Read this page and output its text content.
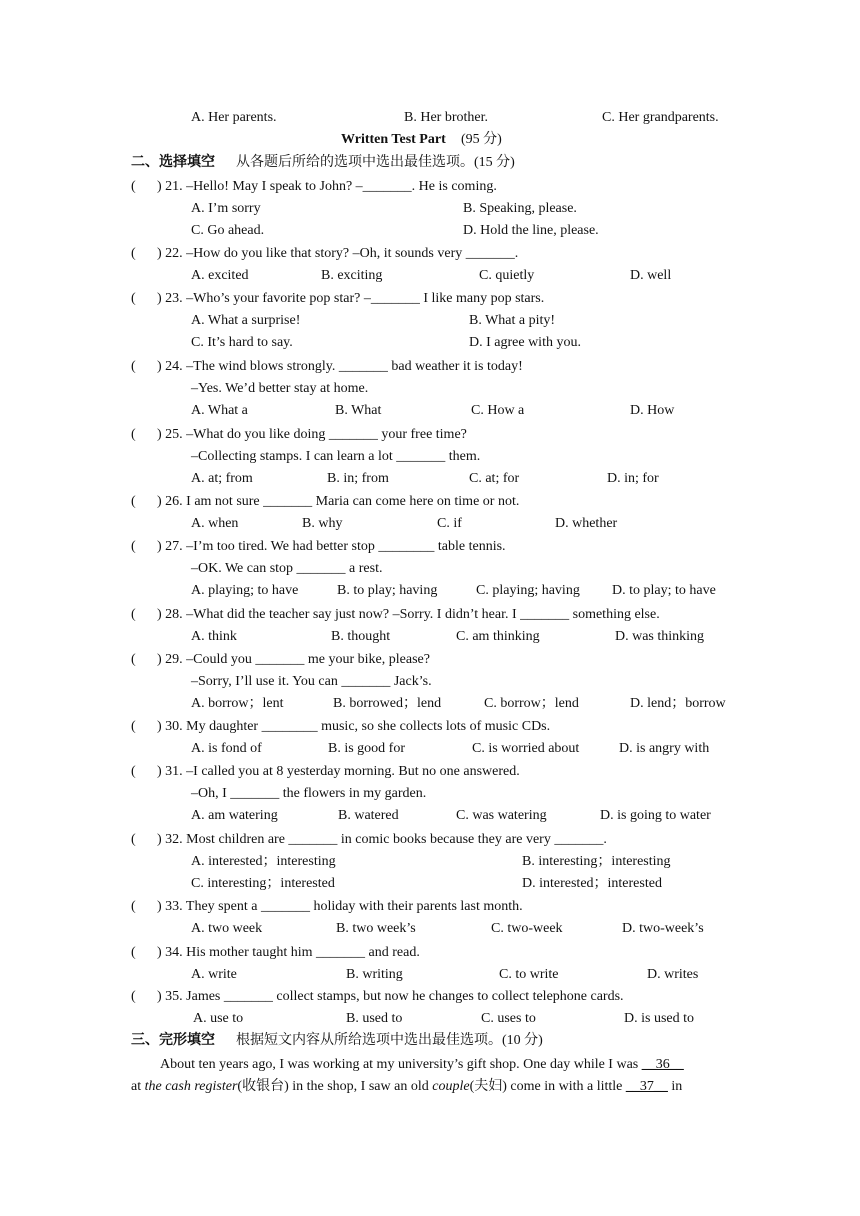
A. Her parents.	B. Her brother.	C. Her grandparents.
Written Test Part (95 分)
二、选择填空 从各题后所给的选项中选出最佳选项。(15 分)
( ) 21. –Hello! May I speak to John? –_______. He is coming.
A. I’m sorry	B. Speaking, please.
C. Go ahead.	D. Hold the line, please.
( ) 22. –How do you like that story? –Oh, it sounds very _______.
A. excited	B. exciting	C. quietly	D. well
( ) 23. –Who’s your favorite pop star? –_______ I like many pop stars.
A. What a surprise!	B. What a pity!
C. It’s hard to say.	D. I agree with you.
( ) 24. –The wind blows strongly. _______ bad weather it is today!
–Yes. We’d better stay at home.
A. What a	B. What	C. How a	D. How
( ) 25. –What do you like doing _______ your free time?
–Collecting stamps. I can learn a lot _______ them.
A. at; from	B. in; from	C. at; for	D. in; for
( ) 26. I am not sure _______ Maria can come here on time or not.
A. when	B. why	C. if	D. whether
( ) 27. –I’m too tired. We had better stop ________ table tennis.
–OK. We can stop _______ a rest.
A. playing; to have	B. to play; having	C. playing; having D. to play; to have
( ) 28. –What did the teacher say just now? –Sorry. I didn’t hear. I _______ something else.
A. think	B. thought	C. am thinking	D. was thinking
( ) 29. –Could you _______ me your bike, please?
–Sorry, I’ll use it. You can _______ Jack’s.
A. borrow；lent	B. borrowed；lend	C. borrow；lend	D. lend；borrow
( ) 30. My daughter ________ music, so she collects lots of music CDs.
A. is fond of	B. is good for	C. is worried about	D. is angry with
( ) 31. –I called you at 8 yesterday morning. But no one answered.
–Oh, I _______ the flowers in my garden.
A. am watering	B. watered	C. was watering	D. is going to water
( ) 32. Most children are _______ in comic books because they are very _______.
A. interested；interesting	B. interesting；interesting
C. interesting；interested	D. interested；interested
( ) 33. They spent a _______ holiday with their parents last month.
A. two week	B. two week’s	C. two-week	D. two-week’s
( ) 34. His mother taught him _______ and read.
A. write	B. writing	C. to write	D. writes
( ) 35. James _______ collect stamps, but now he changes to collect telephone cards.
A. use to	B. used to	C. uses to	D. is used to
三、完形填空 根据短文内容从所给选项中选出最佳选项。(10 分)
About ten years ago, I was working at my university’s gift shop. One day while I was __36__
at the cash register(收银台) in the shop, I saw an old couple(夫妇) come in with a little __37__ in
